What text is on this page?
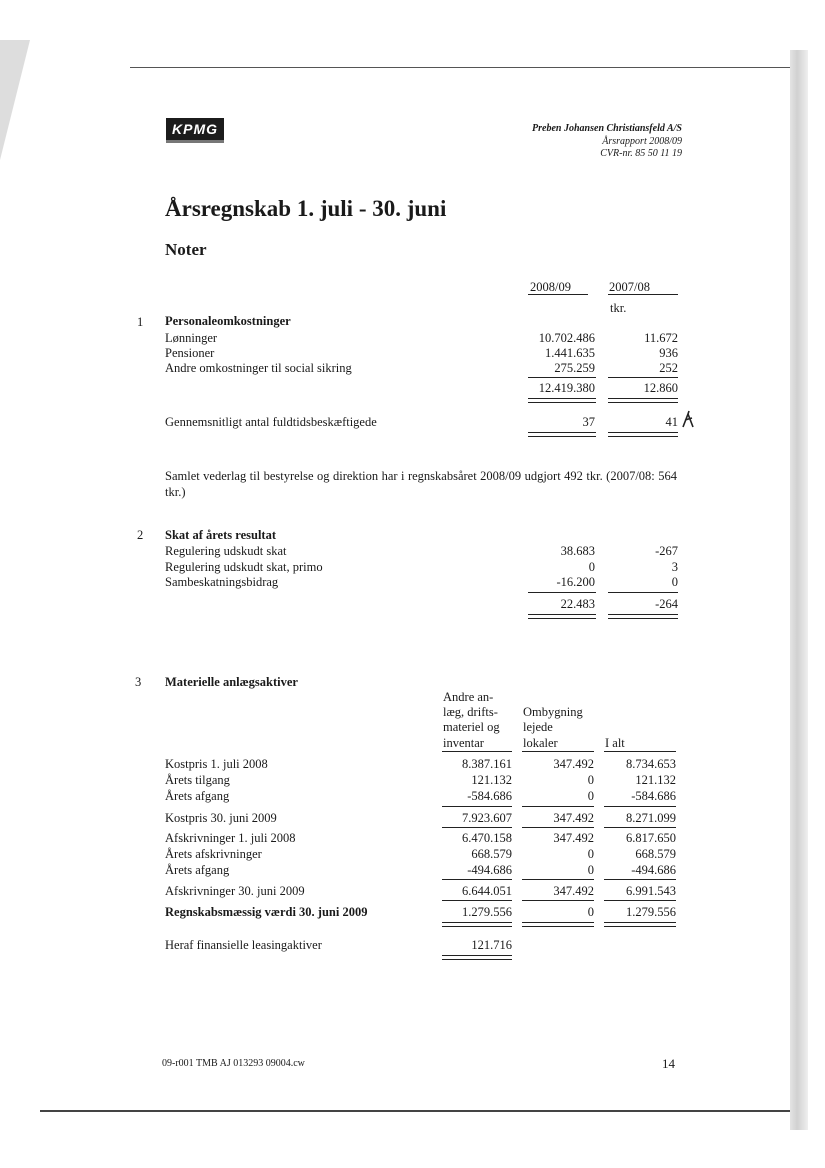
KPMG	Preben Johansen Christiansfeld A/S
Årsrapport 2008/09
CVR-nr. 85 50 11 19
Årsregnskab 1. juli - 30. juni
Noter
2008/09	2007/08
tkr.
1 Personaleomkostninger
Lønninger	10.702.486	11.672
Pensioner	1.441.635	936
Andre omkostninger til social sikring	275.259	252
12.419.380	12.860
Gennemsnitligt antal fuldtidsbeskæftigede	37	41
Samlet vederlag til bestyrelse og direktion har i regnskabsåret 2008/09 udgjort 492 tkr. (2007/08: 564 tkr.)
2 Skat af årets resultat
Regulering udskudt skat	38.683	-267
Regulering udskudt skat, primo	0	3
Sambeskatningsbidrag	-16.200	0
22.483	-264
3 Materielle anlægsaktiver
Andre an-
læg, drifts-
materiel og
inventar
Ombygning
lejede
lokaler	I alt
Kostpris 1. juli 2008	8.387.161	347.492	8.734.653
Årets tilgang	121.132	0	121.132
Årets afgang	-584.686	0	-584.686
Kostpris 30. juni 2009	7.923.607	347.492	8.271.099
Afskrivninger 1. juli 2008	6.470.158	347.492	6.817.650
Årets afskrivninger	668.579	0	668.579
Årets afgang	-494.686	0	-494.686
Afskrivninger 30. juni 2009	6.644.051	347.492	6.991.543
Regnskabsmæssig værdi 30. juni 2009	1.279.556	0	1.279.556
Heraf finansielle leasingaktiver	121.716
09-r001 TMB AJ 013293 09004.cw	14
